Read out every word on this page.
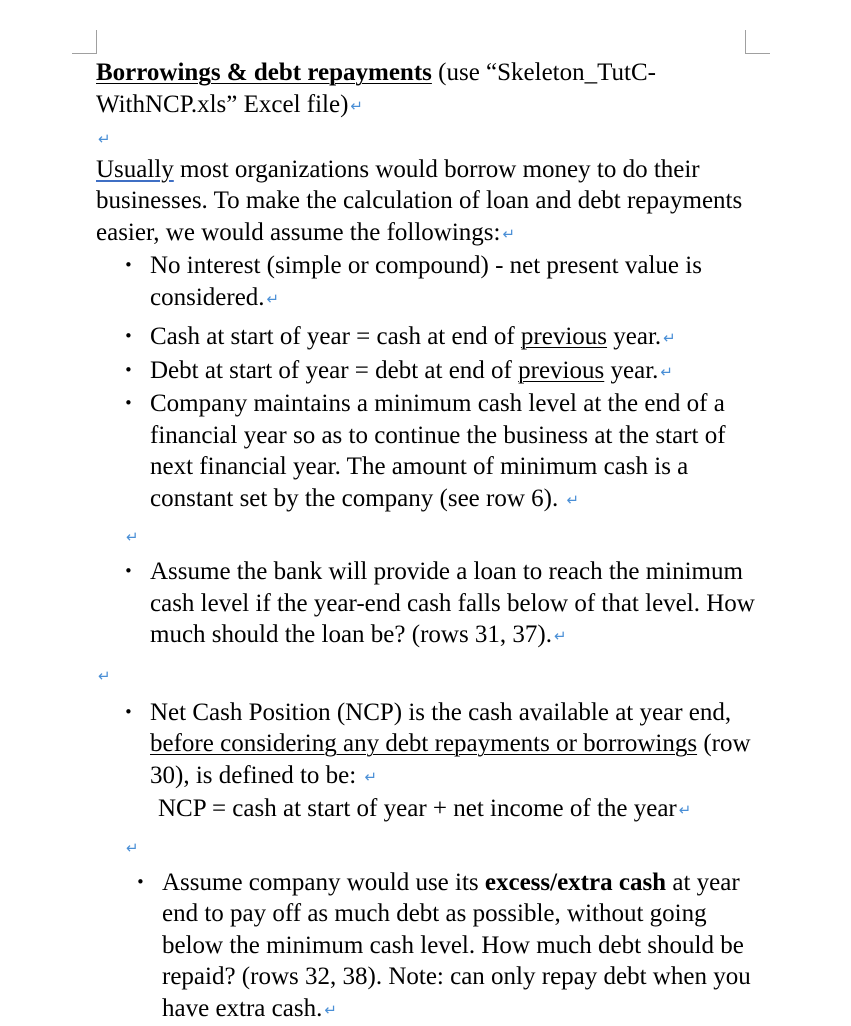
Borrowings & debt repayments (use “Skeleton_TutC-
WithNCP.xls” Excel file) ↵

↵

Usually most organizations would borrow money to do their businesses. To make the calculation of loan and debt repayments easier, we would assume the followings: ↵

• No interest (simple or compound) - net present value is considered. ↵
• Cash at start of year = cash at end of previous year. ↵
• Debt at start of year = debt at end of previous year. ↵
• Company maintains a minimum cash level at the end of a financial year so as to continue the business at the start of next financial year. The amount of minimum cash is a constant set by the company (see row 6). ↵

↵

• Assume the bank will provide a loan to reach the minimum cash level if the year-end cash falls below of that level. How much should the loan be? (rows 31, 37). ↵

↵

• Net Cash Position (NCP) is the cash available at year end, before considering any debt repayments or borrowings (row 30), is defined to be: ↵
NCP = cash at start of year + net income of the year ↵

↵

• Assume company would use its excess/extra cash at year end to pay off as much debt as possible, without going below the minimum cash level. How much debt should be repaid? (rows 32, 38). Note: can only repay debt when you have extra cash. ↵
